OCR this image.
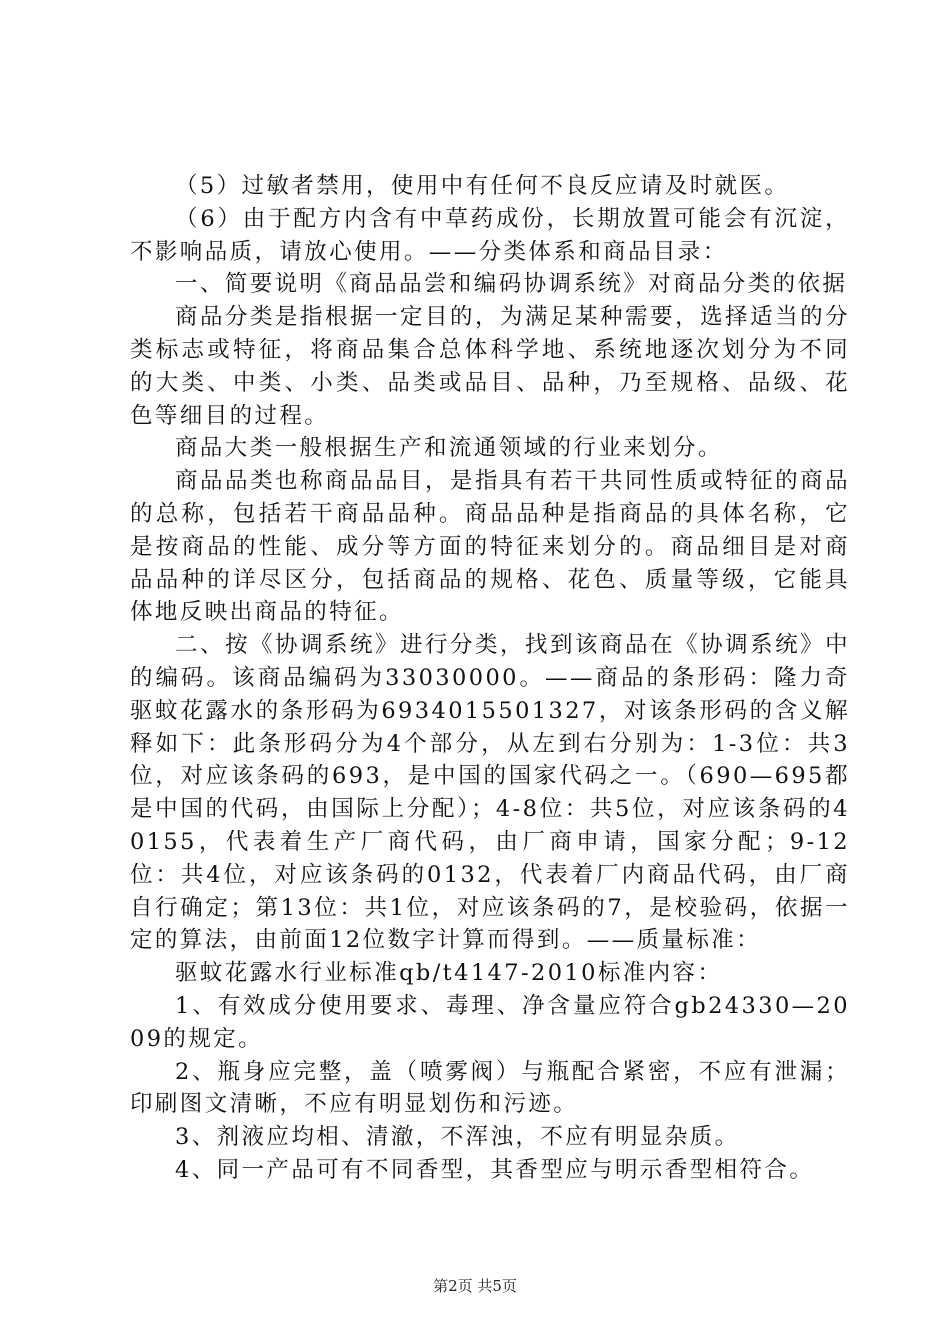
（5）过敏者禁用，使用中有任何不良反应请及时就医。

（6）由于配方内含有中草药成份，长期放置可能会有沉淀，不影响品质，请放心使用。——分类体系和商品目录：

一、简要说明《商品品尝和编码协调系统》对商品分类的依据

商品分类是指根据一定目的，为满足某种需要，选择适当的分类标志或特征，将商品集合总体科学地、系统地逐次划分为不同的大类、中类、小类、品类或品目、品种，乃至规格、品级、花色等细目的过程。

商品大类一般根据生产和流通领域的行业来划分。

商品品类也称商品品目，是指具有若干共同性质或特征的商品的总称，包括若干商品品种。商品品种是指商品的具体名称，它是按商品的性能、成分等方面的特征来划分的。商品细目是对商品品种的详尽区分，包括商品的规格、花色、质量等级，它能具体地反映出商品的特征。

二、按《协调系统》进行分类，找到该商品在《协调系统》中的编码。该商品编码为33030000。——商品的条形码：隆力奇驱蚊花露水的条形码为6934015501327，对该条形码的含义解释如下：此条形码分为4个部分，从左到右分别为：1-3位：共3位，对应该条码的693，是中国的国家代码之一。（690—695都是中国的代码，由国际上分配）；4-8位：共5位，对应该条码的40155，代表着生产厂商代码，由厂商申请，国家分配；9-12位：共4位，对应该条码的0132，代表着厂内商品代码，由厂商自行确定；第13位：共1位，对应该条码的7，是校验码，依据一定的算法，由前面12位数字计算而得到。——质量标准：

驱蚊花露水行业标准qb/t4147-2010标准内容：

1、有效成分使用要求、毒理、净含量应符合gb24330—2009的规定。

2、瓶身应完整，盖（喷雾阀）与瓶配合紧密，不应有泄漏；印刷图文清晰，不应有明显划伤和污迹。

3、剂液应均相、清澈，不浑浊，不应有明显杂质。

4、同一产品可有不同香型，其香型应与明示香型相符合。

第2页 共5页
